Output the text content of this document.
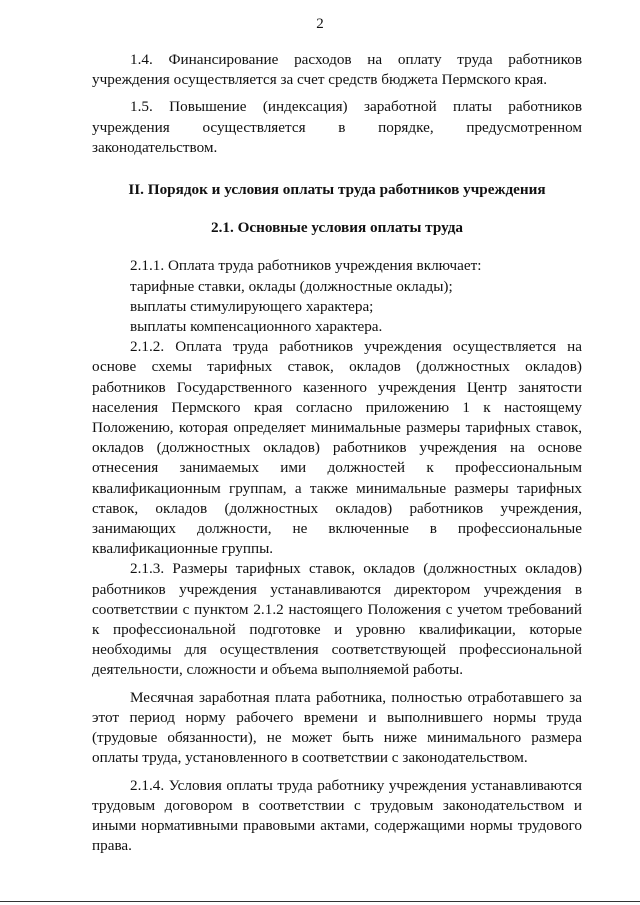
2

1.4. Финансирование расходов на оплату труда работников учреждения осуществляется за счет средств бюджета Пермского края.

1.5. Повышение (индексация) заработной платы работников учреждения осуществляется в порядке, предусмотренном законодательством.

II. Порядок и условия оплаты труда работников учреждения

2.1. Основные условия оплаты труда

2.1.1. Оплата труда работников учреждения включает:

тарифные ставки, оклады (должностные оклады);

выплаты стимулирующего характера;

выплаты компенсационного характера.

2.1.2. Оплата труда работников учреждения осуществляется на основе схемы тарифных ставок, окладов (должностных окладов) работников Государственного казенного учреждения Центр занятости населения Пермского края согласно приложению 1 к настоящему Положению, которая определяет минимальные размеры тарифных ставок, окладов (должностных окладов) работников учреждения на основе отнесения занимаемых ими должностей к профессиональным квалификационным группам, а также минимальные размеры тарифных ставок, окладов (должностных окладов) работников учреждения, занимающих должности, не включенные в профессиональные квалификационные группы.

2.1.3. Размеры тарифных ставок, окладов (должностных окладов) работников учреждения устанавливаются директором учреждения в соответствии с пунктом 2.1.2 настоящего Положения с учетом требований к профессиональной подготовке и уровню квалификации, которые необходимы для осуществления соответствующей профессиональной деятельности, сложности и объема выполняемой работы.

Месячная заработная плата работника, полностью отработавшего за этот период норму рабочего времени и выполнившего нормы труда (трудовые обязанности), не может быть ниже минимального размера оплаты труда, установленного в соответствии с законодательством.

2.1.4. Условия оплаты труда работнику учреждения устанавливаются трудовым договором в соответствии с трудовым законодательством и иными нормативными правовыми актами, содержащими нормы трудового права.
